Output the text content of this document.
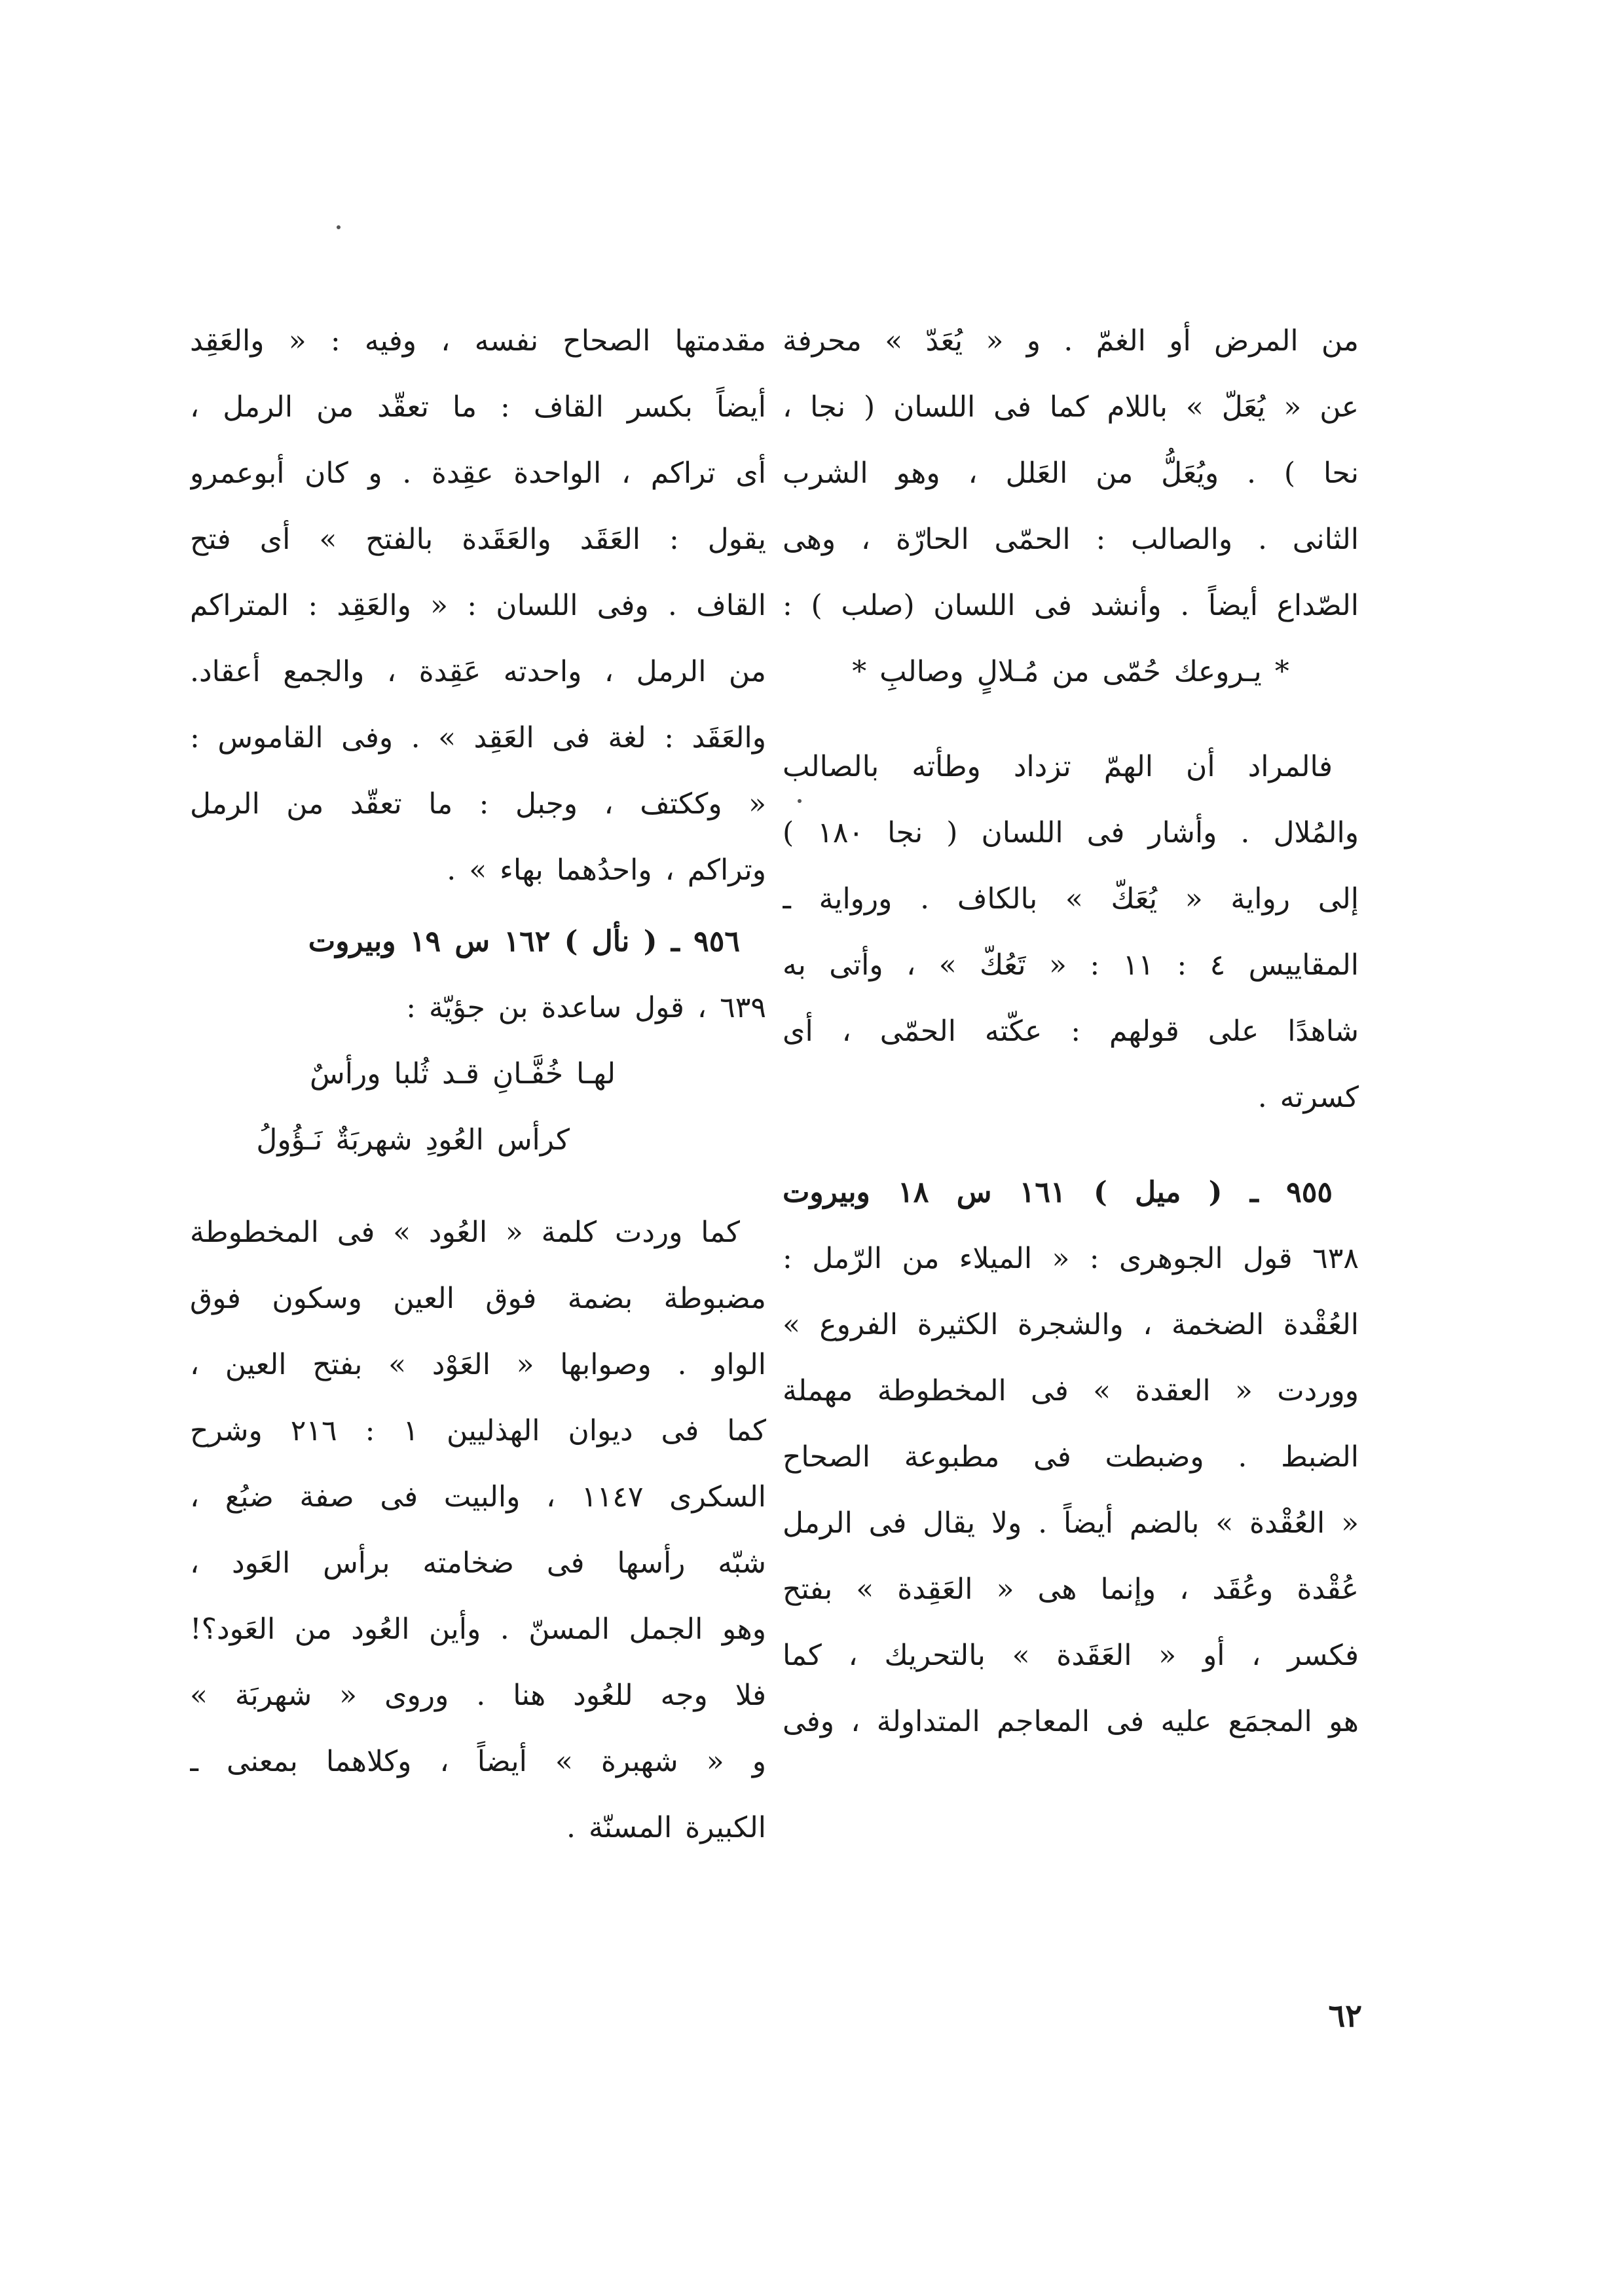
من المرض أو الغمّ . و « يُعَدّ » محرفة
عن « يُعَلّ » باللام كما فى اللسان ( نجا ،
نحا ) . ويُعَلُّ من العَلل ، وهو الشرب
الثانى . والصالب : الحمّى الحارّة ، وهى
الصّداع أيضاً . وأنشد فى اللسان (صلب ) :
* يـروعك حُمّى من مُـلالٍ وصالبِ *
فالمراد أن الهمّ تزداد وطأته بالصالب
والمُلال . وأشار فى اللسان ( نجا ١٨٠ )
إلى رواية « يُعَكّ » بالكاف . ورواية ـ
المقاييس ٤ : ١١ : « تَعُكّ » ، وأتى به
شاهدًا على قولهم : عكّته الحمّى ، أى
كسرته .
٩٥٥ ـ ( ميل ) ١٦١ س ١٨ وبيروت
٦٣٨ قول الجوهرى : « الميلاء من الرّمل :
العُقْدة الضخمة ، والشجرة الكثيرة الفروع »
ووردت « العقدة » فى المخطوطة مهملة
الضبط . وضبطت فى مطبوعة الصحاح
« العُقْدة » بالضم أيضاً . ولا يقال فى الرمل
عُقْدة وعُقَد ، وإنما هى « العَقِدة » بفتح
فكسر ، أو « العَقَدة » بالتحريك ، كما
هو المجمَع عليه فى المعاجم المتداولة ، وفى
مقدمتها الصحاح نفسه ، وفيه : « والعَقِد
أيضاً بكسر القاف : ما تعقّد من الرمل ،
أى تراكم ، الواحدة عقِدة . و كان أبوعمرو
يقول : العَقَد والعَقَدة بالفتح » أى فتح
القاف . وفى اللسان : « والعَقِد : المتراكم
من الرمل ، واحدته عَقِدة ، والجمع أعقاد.
والعَقَد : لغة فى العَقِد » . وفى القاموس :
« وككتف ، وجبل : ما تعقّد من الرمل
وتراكم ، واحدُهما بهاء » .
٩٥٦ ـ ( نأل ) ١٦٢ س ١٩ وبيروت
٦٣٩ ، قول ساعدة بن جؤيّة :
لهـا خُفَّـانِ قـد ثُلبا ورأسٌ
كرأس العُودِ شهربَةٌ نَـؤُولُ
كما وردت كلمة « العُود » فى المخطوطة
مضبوطة بضمة فوق العين وسكون فوق
الواو . وصوابها « العَوْد » بفتح العين ،
كما فى ديوان الهذليين ١ : ٢١٦ وشرح
السكرى ١١٤٧ ، والبيت فى صفة ضبُع ،
شبّه رأسها فى ضخامته برأس العَود ،
وهو الجمل المسنّ . وأين العُود من العَود؟!
فلا وجه للعُود هنا . وروى « شهربَة »
و « شهبرة » أيضاً ، وكلاهما بمعنى ـ
الكبيرة المسنّة .
٦٢
